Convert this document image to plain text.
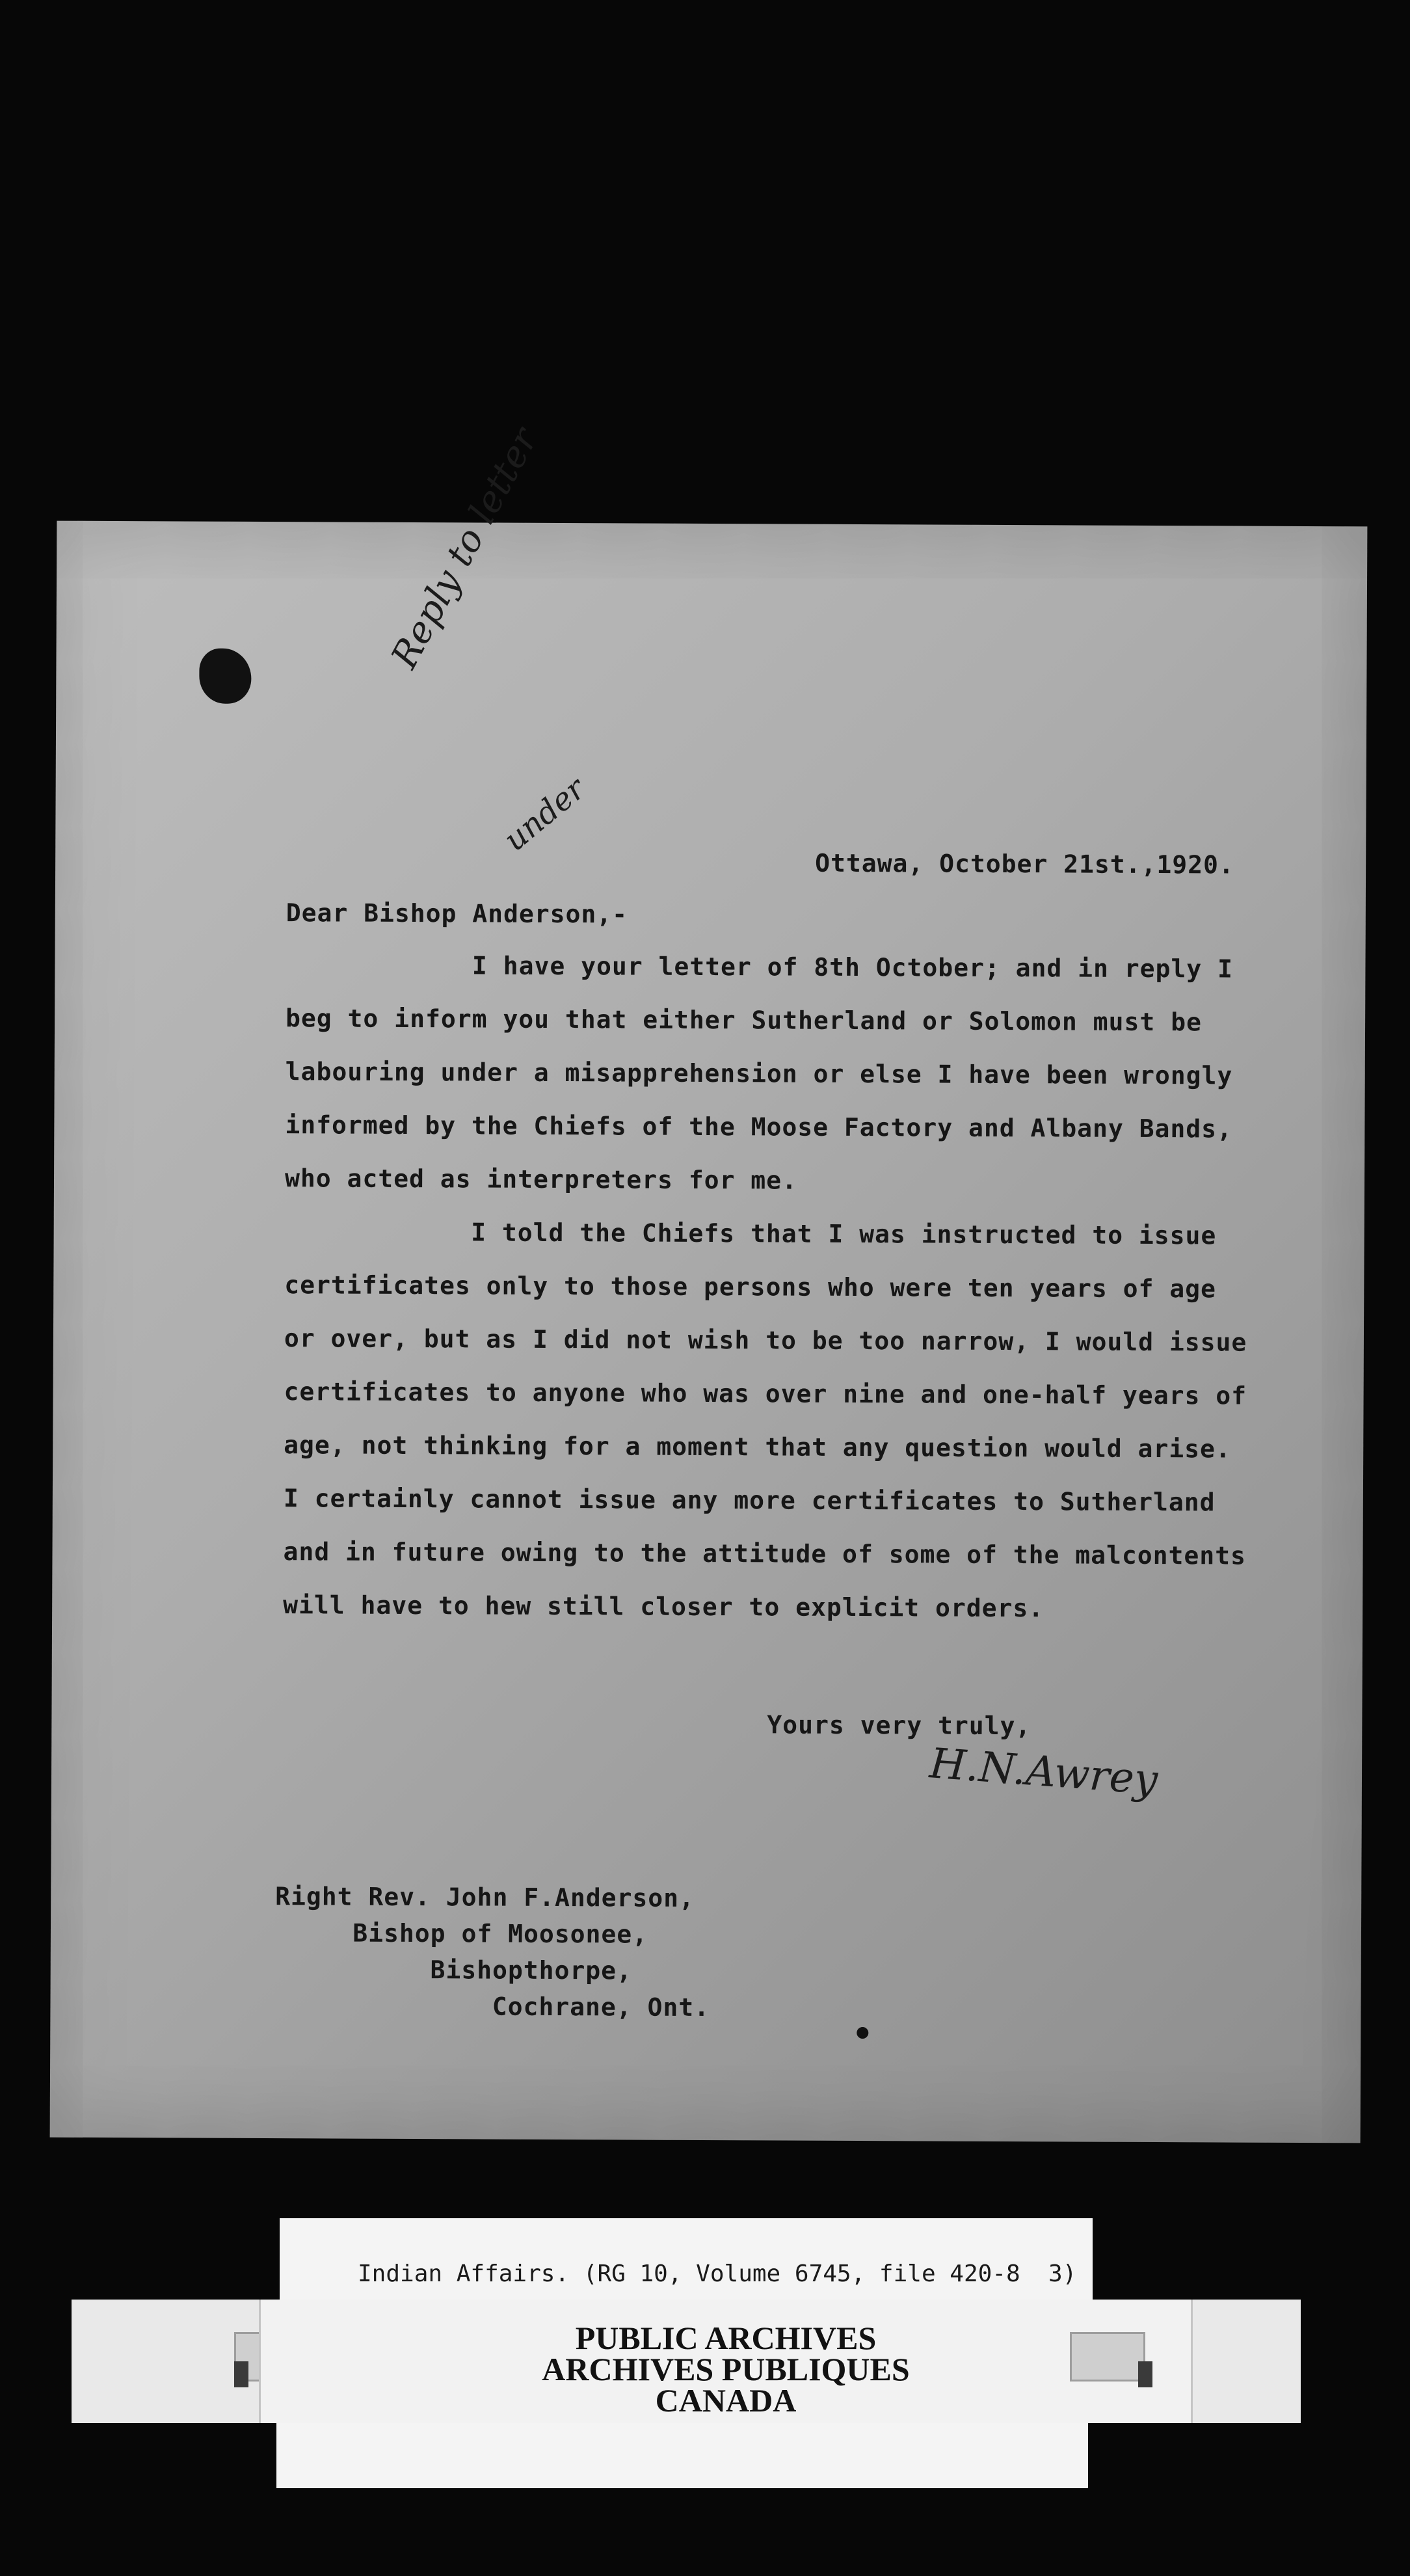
Reply to letter
under

Ottawa, October 21st.,1920.

Dear Bishop Anderson,-

I have your letter of 8th October; and in reply I

beg to inform you that either Sutherland or Solomon must be

labouring under a misapprehension or else I have been wrongly

informed by the Chiefs of the Moose Factory and Albany Bands,

who acted as interpreters for me.

I told the Chiefs that I was instructed to issue

certificates only to those persons who were ten years of age

or over, but as I did not wish to be too narrow, I would issue

certificates to anyone who was over nine and one-half years of

age, not thinking for a moment that any question would arise.

I certainly cannot issue any more certificates to Sutherland

and in future owing to the attitude of some of the malcontents

will have to hew still closer to explicit orders.

Yours very truly,

H.N.Awrey

Right Rev. John F.Anderson,

Bishop of Moosonee,

Bishopthorpe,

Cochrane, Ont.

Indian Affairs. (RG 10, Volume 6745, file 420-8  3)
PUBLIC ARCHIVES
ARCHIVES PUBLIQUES
CANADA
